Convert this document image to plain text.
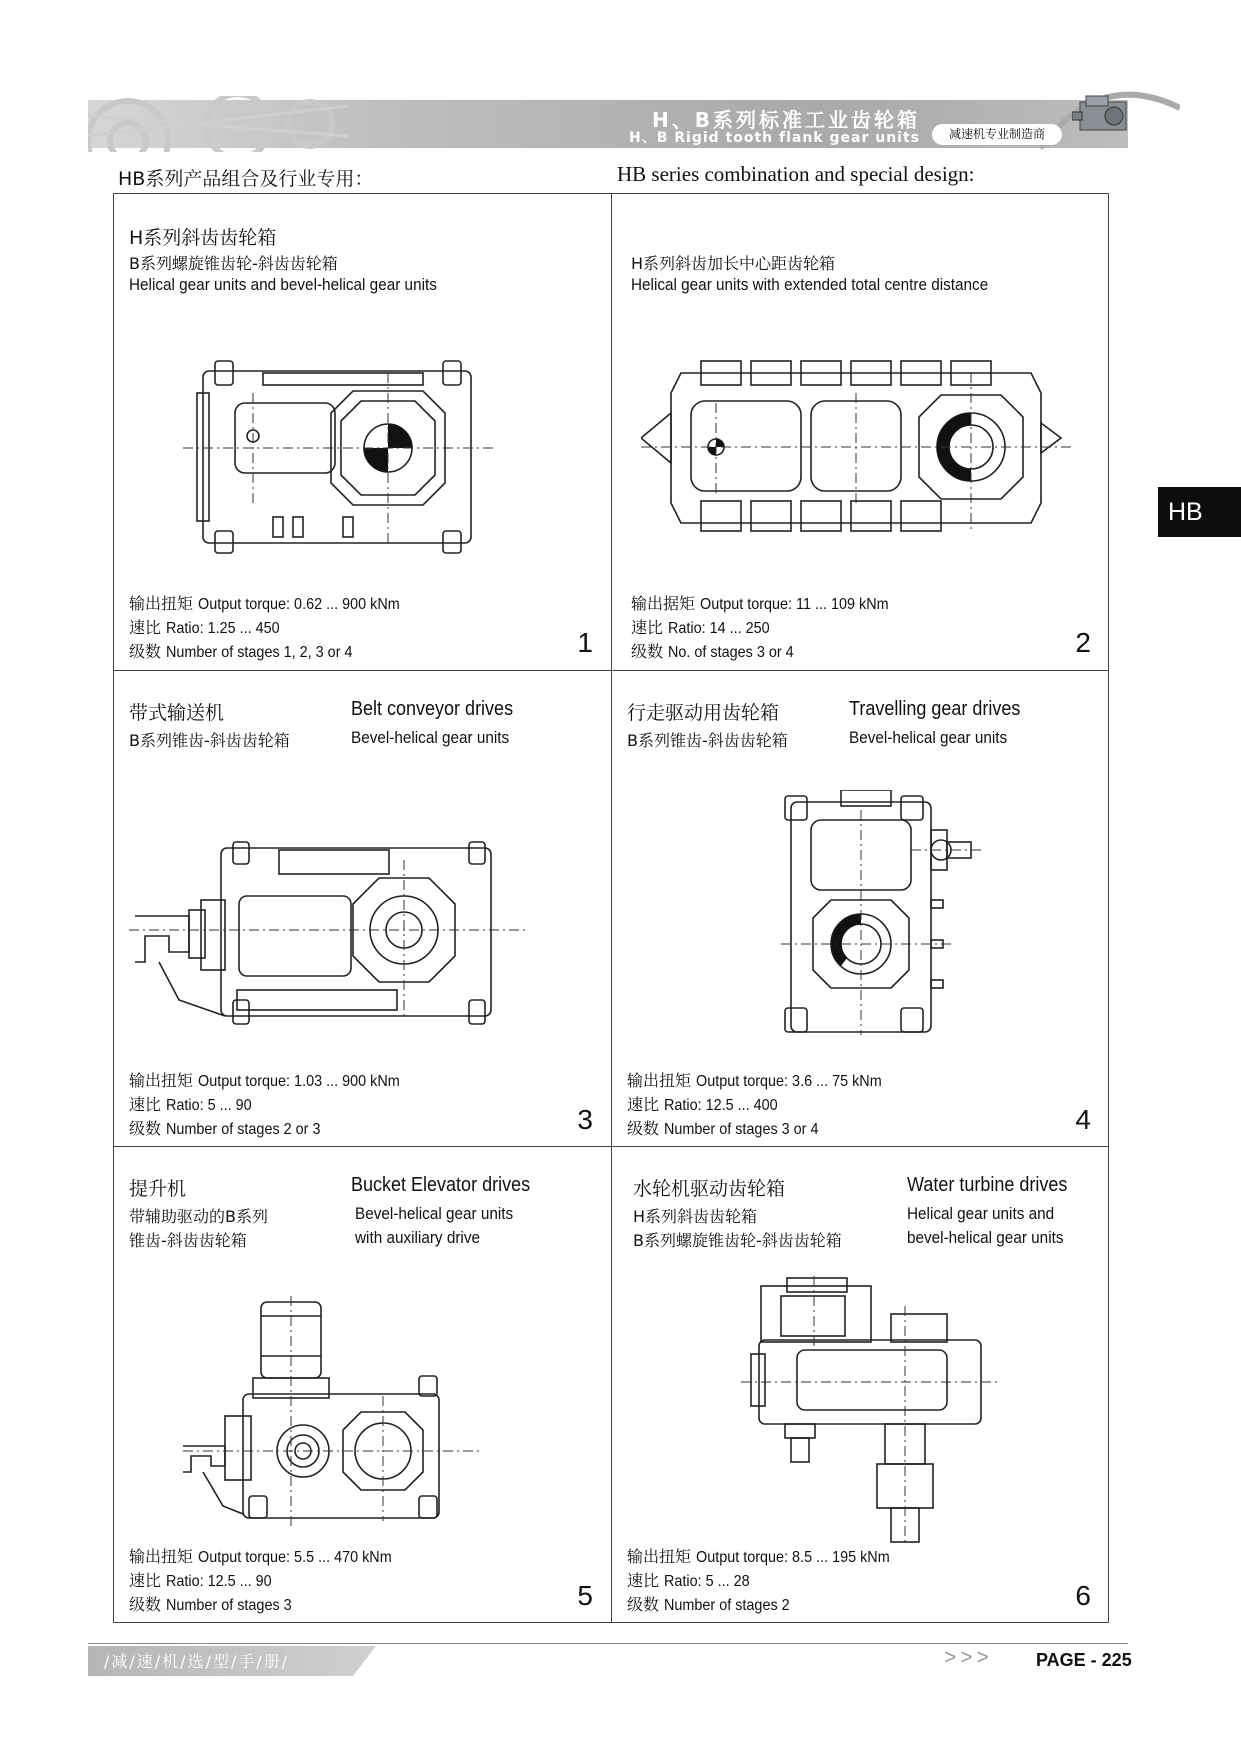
H、B系列标准工业齿轮箱
H、B Rigid tooth flank gear units	减速机专业制造商
HB系列产品组合及行业专用：	HB series combination and special design:
HB
H系列斜齿齿轮箱
B系列螺旋锥齿轮-斜齿齿轮箱
Helical gear units and bevel-helical gear units
输出扭矩 Output torque: 0.62 ... 900 kNm
速比 Ratio: 1.25 ... 450
级数 Number of stages 1, 2, 3 or 4	1
H系列斜齿加长中心距齿轮箱
Helical gear units with extended total centre distance
输出据矩 Output torque: 11 ... 109 kNm
速比 Ratio: 14 ... 250
级数 No. of stages 3 or 4	2
带式输送机	Belt conveyor drives
B系列锥齿-斜齿齿轮箱	Bevel-helical gear units
输出扭矩 Output torque: 1.03 ... 900 kNm
速比 Ratio: 5 ... 90
级数 Number of stages 2 or 3	3
行走驱动用齿轮箱	Travelling gear drives
B系列锥齿-斜齿齿轮箱	Bevel-helical gear units
输出扭矩 Output torque: 3.6 ... 75 kNm
速比 Ratio: 12.5 ... 400
级数 Number of stages 3 or 4	4
提升机	Bucket Elevator drives
带辅助驱动的B系列
锥齿-斜齿齿轮箱
Bevel-helical gear units
with auxiliary drive
输出扭矩 Output torque: 5.5 ... 470 kNm
速比 Ratio: 12.5 ... 90
级数 Number of stages 3	5
水轮机驱动齿轮箱	Water turbine drives
H系列斜齿齿轮箱
B系列螺旋锥齿轮-斜齿齿轮箱
Helical gear units and
bevel-helical gear units
输出扭矩 Output torque: 8.5 ... 195 kNm
速比 Ratio: 5 ... 28
级数 Number of stages 2	6
/减/速/机/选/型/手/册/	>>> PAGE - 225
